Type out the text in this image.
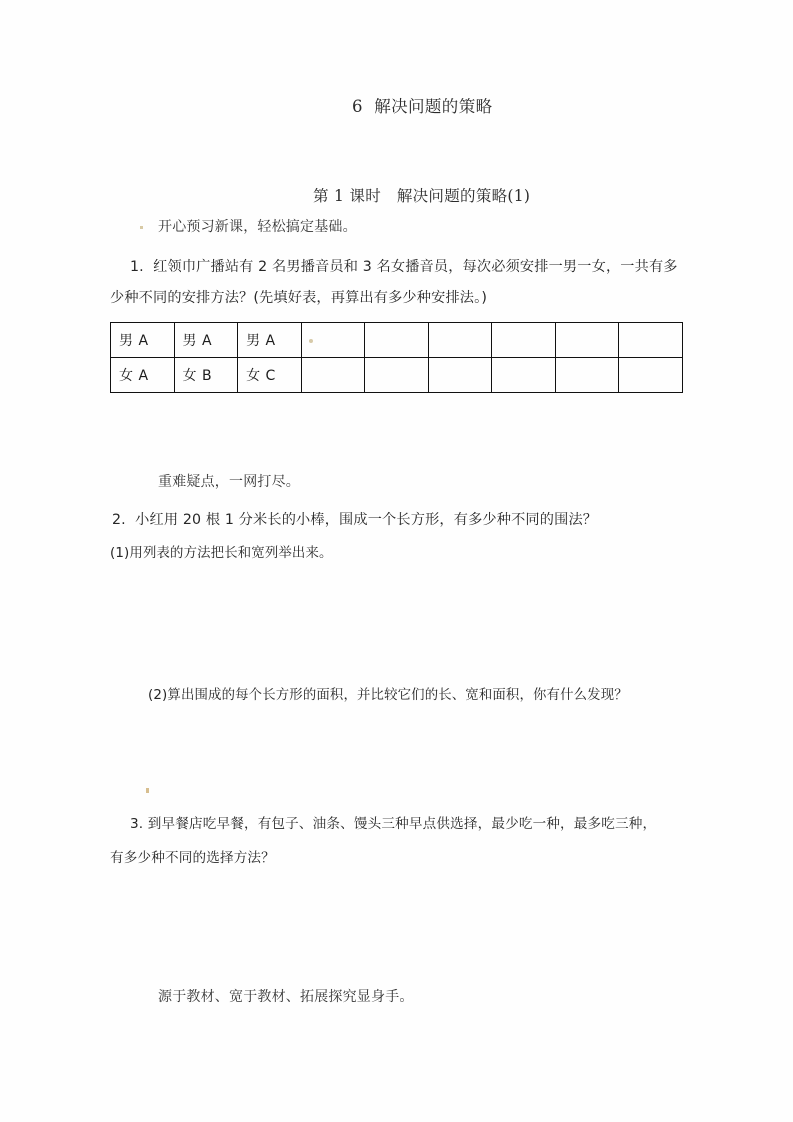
6  解决问题的策略
第 1 课时　解决问题的策略(1)
开心预习新课，轻松搞定基础。
1.  红领巾广播站有 2 名男播音员和 3 名女播音员，每次必须安排一男一女，一共有多
少种不同的安排方法？(先填好表，再算出有多少种安排法。)
男 A	男 A	男 A						
女 A	女 B	女 C						
重难疑点，一网打尽。
2.  小红用 20 根 1 分米长的小棒，围成一个长方形，有多少种不同的围法？
(1)用列表的方法把长和宽列举出来。
(2)算出围成的每个长方形的面积，并比较它们的长、宽和面积，你有什么发现？
3. 到早餐店吃早餐，有包子、油条、馒头三种早点供选择，最少吃一种，最多吃三种，
有多少种不同的选择方法？
源于教材、宽于教材、拓展探究显身手。
